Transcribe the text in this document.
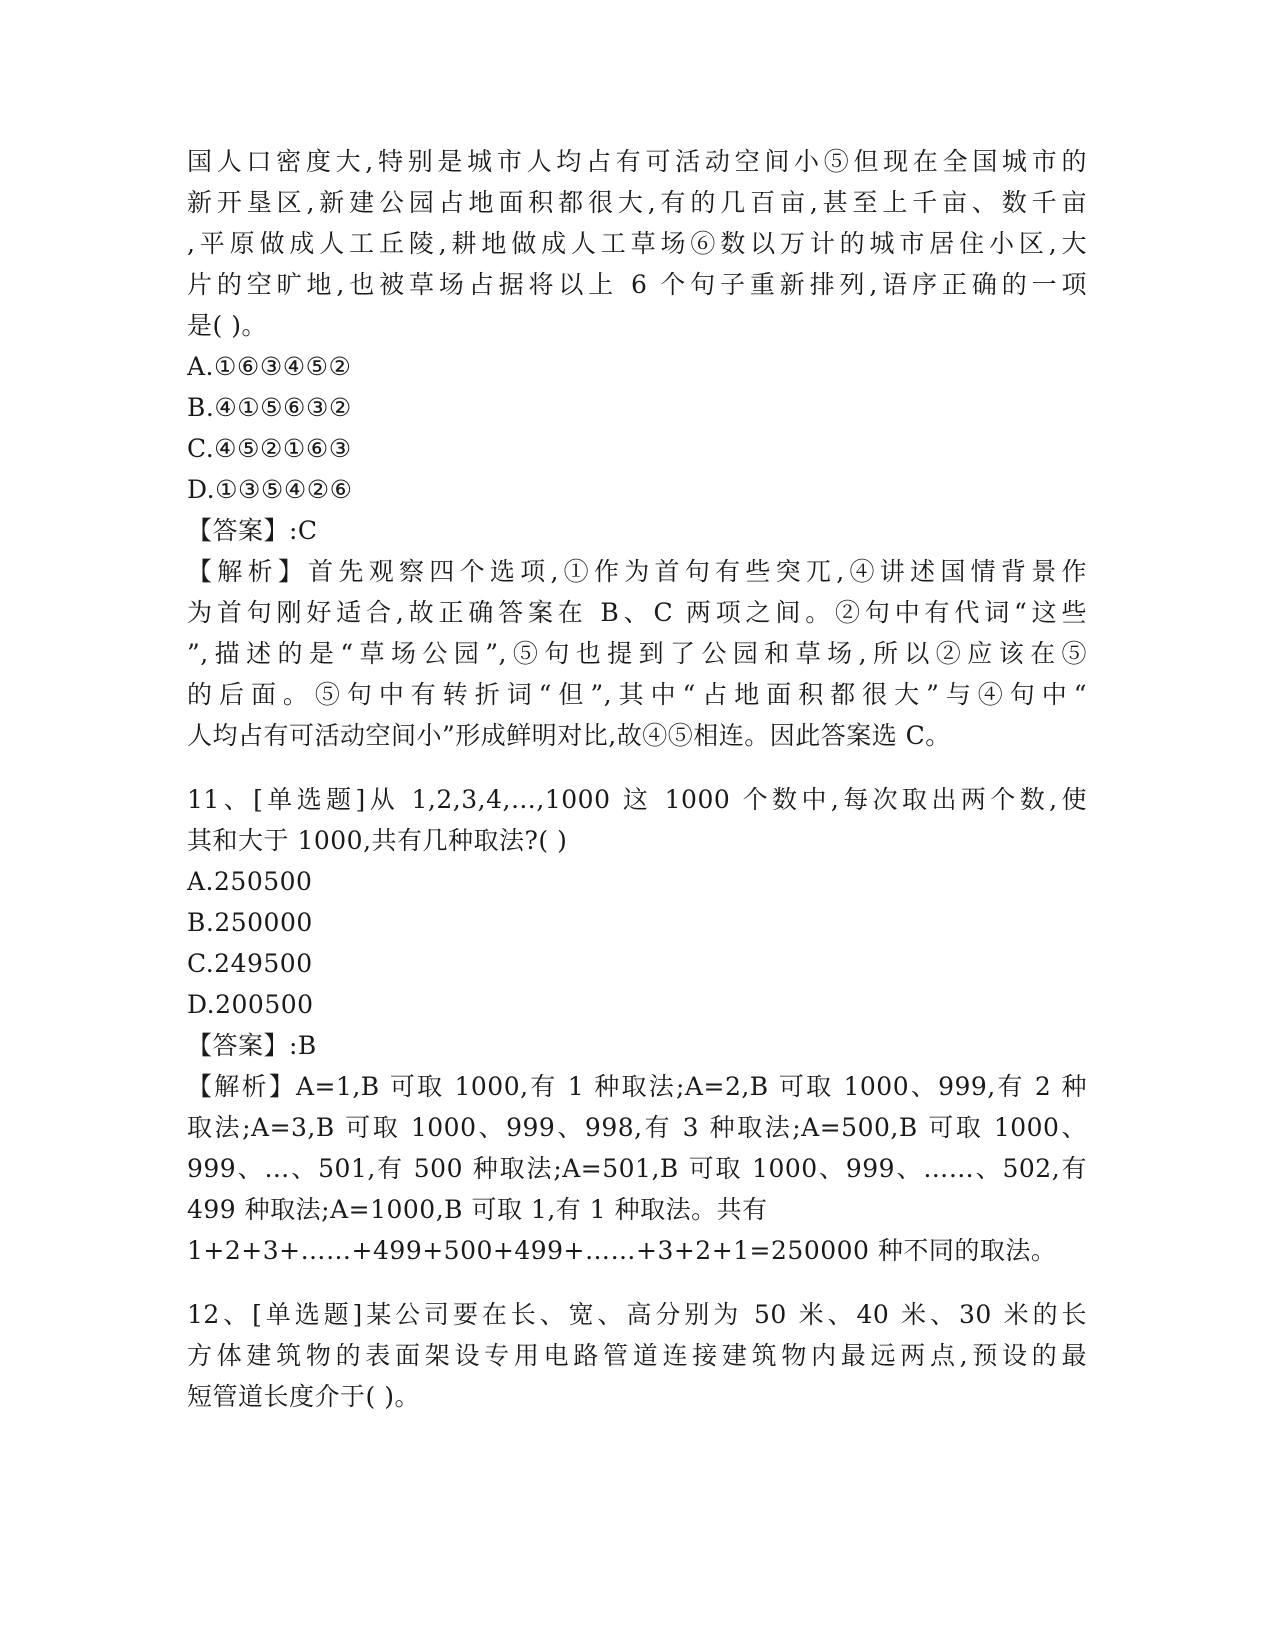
国人口密度大,特别是城市人均占有可活动空间小⑤但现在全国城市的
新开垦区,新建公园占地面积都很大,有的几百亩,甚至上千亩、数千亩
,平原做成人工丘陵,耕地做成人工草场⑥数以万计的城市居住小区,大
片的空旷地,也被草场占据将以上 6 个句子重新排列,语序正确的一项
是( )。
A.①⑥③④⑤②
B.④①⑤⑥③②
C.④⑤②①⑥③
D.①③⑤④②⑥
【答案】:C
【解析】首先观察四个选项,①作为首句有些突兀,④讲述国情背景作
为首句刚好适合,故正确答案在 B、C 两项之间。②句中有代词“这些
”,描述的是“草场公园”,⑤句也提到了公园和草场,所以②应该在⑤
的后面。⑤句中有转折词“但”,其中“占地面积都很大”与④句中“
人均占有可活动空间小”形成鲜明对比,故④⑤相连。因此答案选 C。
11、[单选题]从 1,2,3,4,…,1000 这 1000 个数中,每次取出两个数,使
其和大于 1000,共有几种取法?( )
A.250500
B.250000
C.249500
D.200500
【答案】:B
【解析】A=1,B 可取 1000,有 1 种取法;A=2,B 可取 1000、999,有 2 种
取法;A=3,B 可取 1000、999、998,有 3 种取法;A=500,B 可取 1000、
999、…、501,有 500 种取法;A=501,B 可取 1000、999、……、502,有
499 种取法;A=1000,B 可取 1,有 1 种取法。共有
1+2+3+……+499+500+499+……+3+2+1=250000 种不同的取法。
12、[单选题]某公司要在长、宽、高分别为 50 米、40 米、30 米的长
方体建筑物的表面架设专用电路管道连接建筑物内最远两点,预设的最
短管道长度介于( )。
